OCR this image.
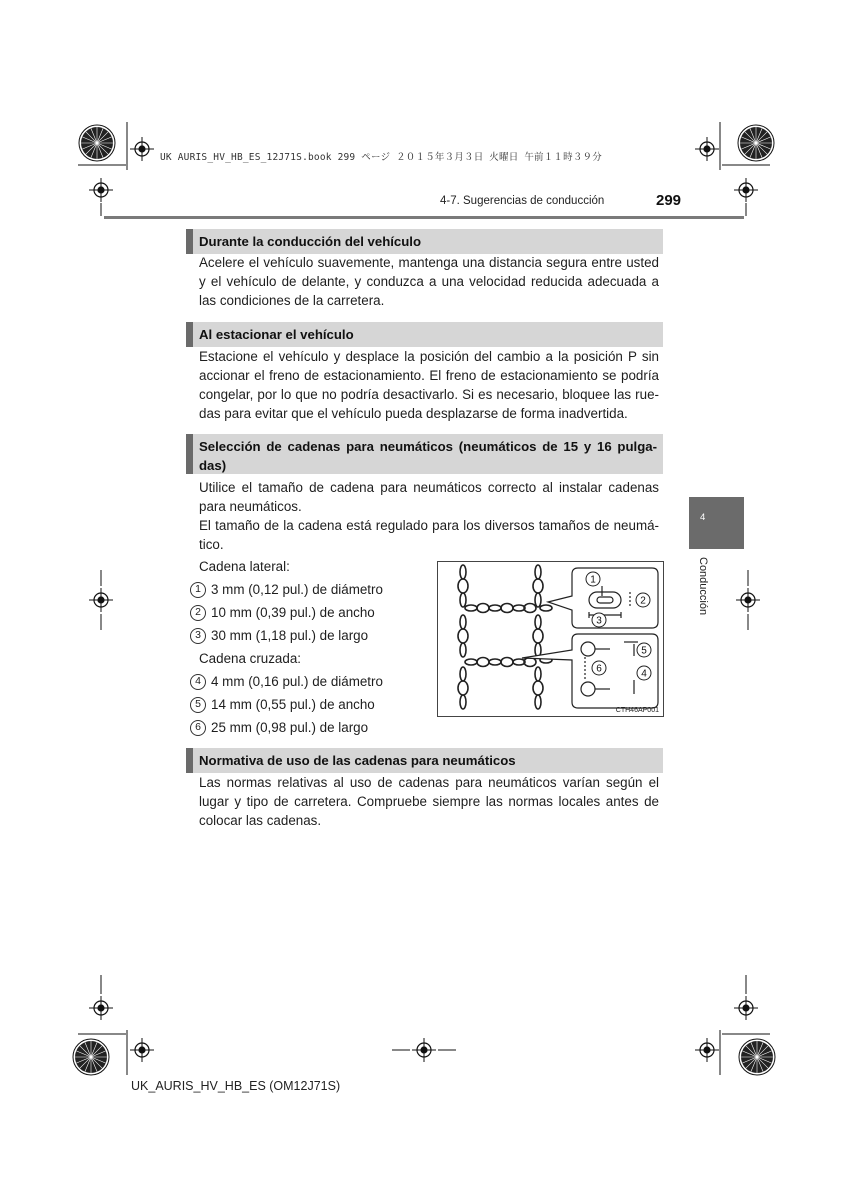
UK AURIS_HV_HB_ES_12J71S.book 299 ページ ２０１５年３月３日 火曜日 午前１１時３９分
4-7. Sugerencias de conducción	299
Durante la conducción del vehículo
Acelere el vehículo suavemente, mantenga una distancia segura entre usted
y el vehículo de delante, y conduzca a una velocidad reducida adecuada a
las condiciones de la carretera.
Al estacionar el vehículo
Estacione el vehículo y desplace la posición del cambio a la posición P sin
accionar el freno de estacionamiento. El freno de estacionamiento se podría
congelar, por lo que no podría desactivarlo. Si es necesario, bloquee las rue-
das para evitar que el vehículo pueda desplazarse de forma inadvertida.
Selección de cadenas para neumáticos (neumáticos de 15 y 16 pulga-
das)
Utilice el tamaño de cadena para neumáticos correcto al instalar cadenas
para neumáticos.
El tamaño de la cadena está regulado para los diversos tamaños de neumá-
tico.
Cadena lateral:
1 3 mm (0,12 pul.) de diámetro
2 10 mm (0,39 pul.) de ancho
3 30 mm (1,18 pul.) de largo
Cadena cruzada:
4 4 mm (0,16 pul.) de diámetro
5 14 mm (0,55 pul.) de ancho
6 25 mm (0,98 pul.) de largo
1
2
3
4
5
6
CTH46AP001
Normativa de uso de las cadenas para neumáticos
Las normas relativas al uso de cadenas para neumáticos varían según el
lugar y tipo de carretera. Compruebe siempre las normas locales antes de
colocar las cadenas.
4
Conducción
UK_AURIS_HV_HB_ES (OM12J71S)
